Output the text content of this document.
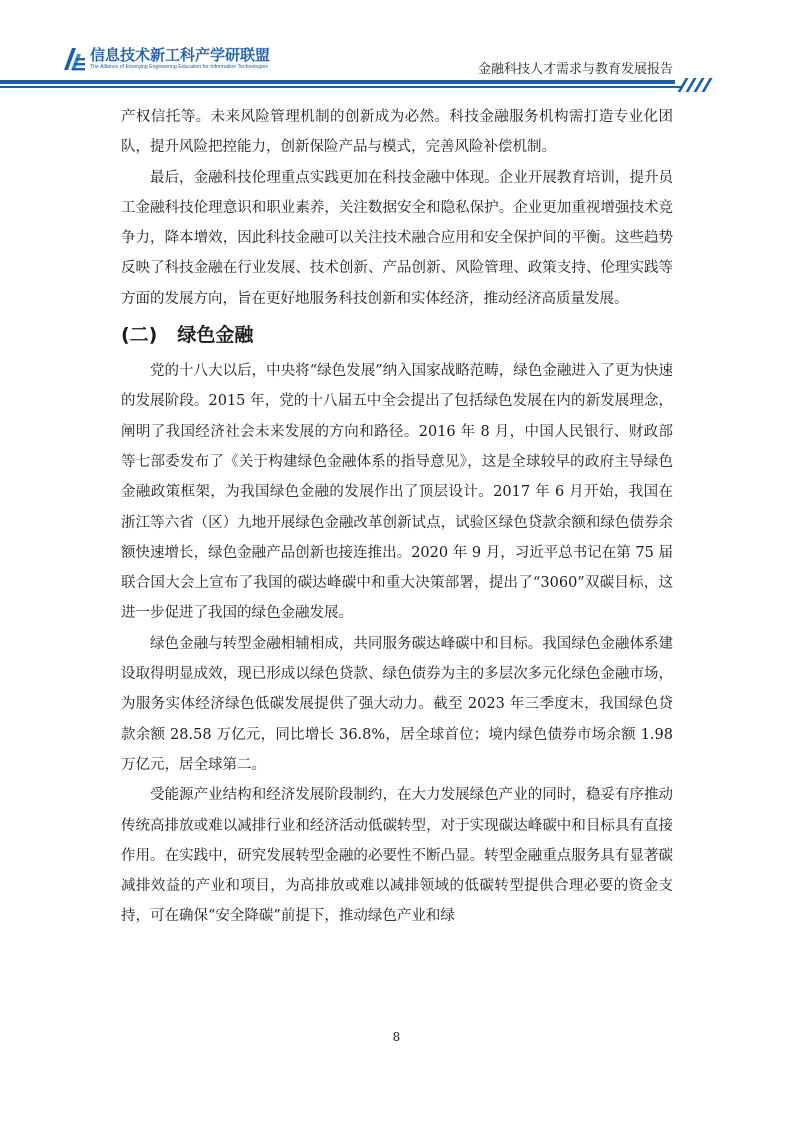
信息技术新工科产学研联盟
The Alliance of Emerging Engineering Education for Information Technologies	金融科技人才需求与教育发展报告

产权信托等。未来风险管理机制的创新成为必然。科技金融服务机构需打造专业化团队，提升风险把控能力，创新保险产品与模式，完善风险补偿机制。

最后，金融科技伦理重点实践更加在科技金融中体现。企业开展教育培训，提升员工金融科技伦理意识和职业素养，关注数据安全和隐私保护。企业更加重视增强技术竞争力，降本增效，因此科技金融可以关注技术融合应用和安全保护间的平衡。这些趋势反映了科技金融在行业发展、技术创新、产品创新、风险管理、政策支持、伦理实践等方面的发展方向，旨在更好地服务科技创新和实体经济，推动经济高质量发展。

(二) 绿色金融

党的十八大以后，中央将“绿色发展”纳入国家战略范畴，绿色金融进入了更为快速的发展阶段。2015 年，党的十八届五中全会提出了包括绿色发展在内的新发展理念，阐明了我国经济社会未来发展的方向和路径。2016 年 8 月，中国人民银行、财政部等七部委发布了《关于构建绿色金融体系的指导意见》，这是全球较早的政府主导绿色金融政策框架，为我国绿色金融的发展作出了顶层设计。2017 年 6 月开始，我国在浙江等六省（区）九地开展绿色金融改革创新试点，试验区绿色贷款余额和绿色债券余额快速增长，绿色金融产品创新也接连推出。2020 年 9 月，习近平总书记在第 75 届联合国大会上宣布了我国的碳达峰碳中和重大决策部署，提出了“3060”双碳目标，这进一步促进了我国的绿色金融发展。

绿色金融与转型金融相辅相成，共同服务碳达峰碳中和目标。我国绿色金融体系建设取得明显成效，现已形成以绿色贷款、绿色债券为主的多层次多元化绿色金融市场，为服务实体经济绿色低碳发展提供了强大动力。截至 2023 年三季度末，我国绿色贷款余额 28.58 万亿元，同比增长 36.8%，居全球首位；境内绿色债券市场余额 1.98 万亿元，居全球第二。

受能源产业结构和经济发展阶段制约，在大力发展绿色产业的同时，稳妥有序推动传统高排放或难以减排行业和经济活动低碳转型，对于实现碳达峰碳中和目标具有直接作用。在实践中，研究发展转型金融的必要性不断凸显。转型金融重点服务具有显著碳减排效益的产业和项目，为高排放或难以减排领域的低碳转型提供合理必要的资金支持，可在确保“安全降碳”前提下，推动绿色产业和绿

8
